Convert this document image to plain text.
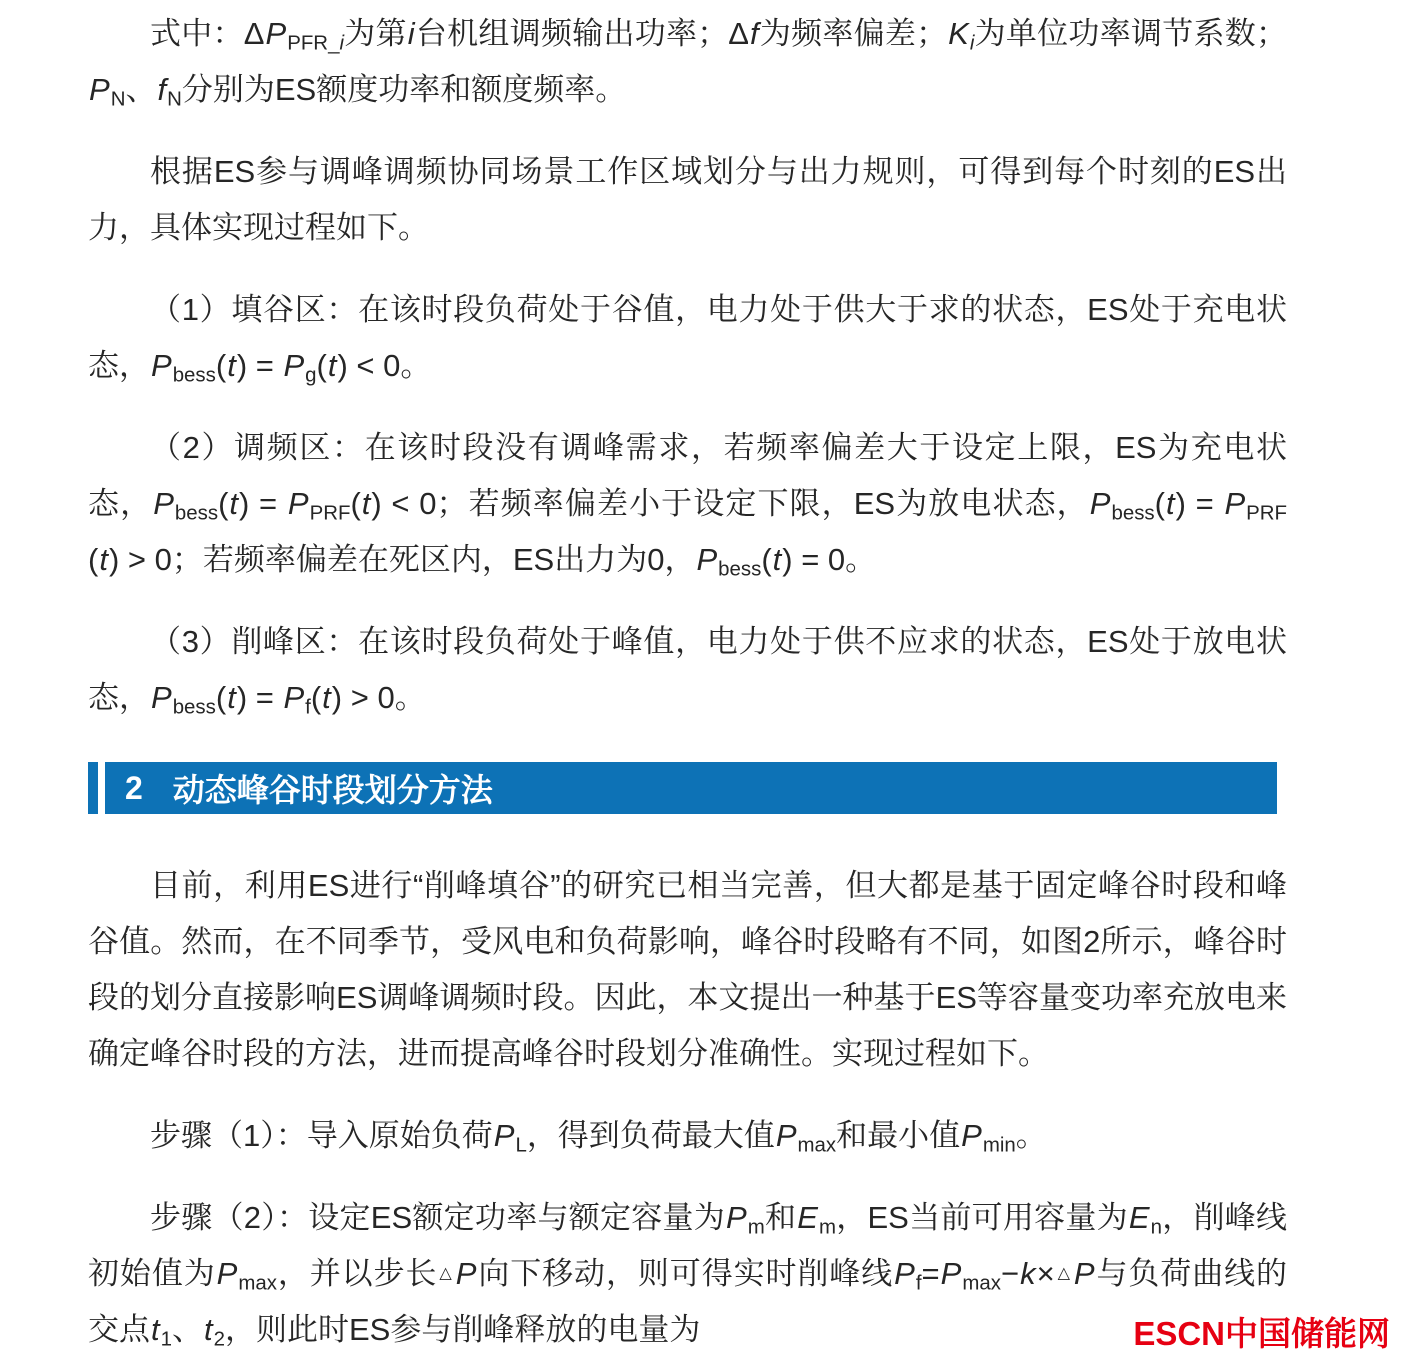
式中：$\Delta P_{PFR\_i}$为第i台机组调频输出功率；Δf为频率偏差；$K_i$为单位功率调节系数；$P_N$、$f_N$分别为ES额度功率和额度频率。

根据ES参与调峰调频协同场景工作区域划分与出力规则，可得到每个时刻的ES出力，具体实现过程如下。

（1）填谷区：在该时段负荷处于谷值，电力处于供大于求的状态，ES处于充电状态，$P_{bess}(t) = P_g(t) < 0$。

（2）调频区：在该时段没有调峰需求，若频率偏差大于设定上限，ES为充电状态，$P_{bess}(t) = P_{PRF}(t) < 0$；若频率偏差小于设定下限，ES为放电状态，$P_{bess}(t) = P_{PRF}(t) > 0$；若频率偏差在死区内，ES出力为0，$P_{bess}(t) = 0$。

（3）削峰区：在该时段负荷处于峰值，电力处于供不应求的状态，ES处于放电状态，$P_{bess}(t) = P_f(t) > 0$。

2 动态峰谷时段划分方法

目前，利用ES进行“削峰填谷”的研究已相当完善，但大都是基于固定峰谷时段和峰谷值。然而，在不同季节，受风电和负荷影响，峰谷时段略有不同，如图2所示，峰谷时段的划分直接影响ES调峰调频时段。因此，本文提出一种基于ES等容量变功率充放电来确定峰谷时段的方法，进而提高峰谷时段划分准确性。实现过程如下。

步骤（1）：导入原始负荷$P_L$，得到负荷最大值$P_{max}$和最小值$P_{min}$。

步骤（2）：设定ES额定功率与额定容量为$P_m$和$E_m$，ES当前可用容量为$E_n$，削峰线初始值为$P_{max}$，并以步长 △P向下移动，则可得实时削峰线$P_f=P_{max}-k\times$ △P与负荷曲线的交点$t_1$、$t_2$，则此时ES参与削峰释放的电量为	ESCN中国储能网
